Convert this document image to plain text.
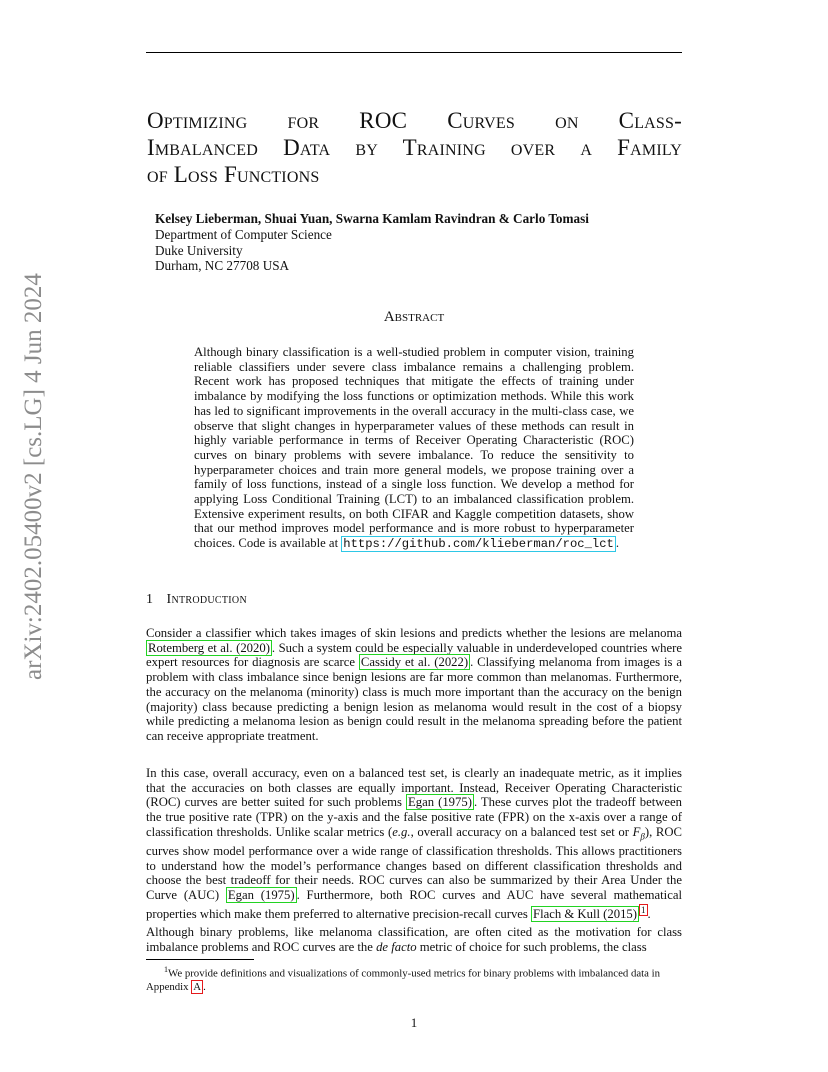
arXiv:2402.05400v2 [cs.LG] 4 Jun 2024
Optimizing for ROC Curves on Class-
Imbalanced Data by Training over a Family
of Loss Functions
Kelsey Lieberman, Shuai Yuan, Swarna Kamlam Ravindran & Carlo Tomasi
Department of Computer Science
Duke University
Durham, NC 27708 USA
Abstract
Although binary classification is a well-studied problem in computer vision, training reliable classifiers under severe class imbalance remains a challenging problem. Recent work has proposed techniques that mitigate the effects of training under imbalance by modifying the loss functions or optimization methods. While this work has led to significant improvements in the overall accuracy in the multi-class case, we observe that slight changes in hyperparameter values of these methods can result in highly variable performance in terms of Receiver Operating Characteristic (ROC) curves on binary problems with severe imbalance. To reduce the sensitivity to hyperparameter choices and train more general models, we propose training over a family of loss functions, instead of a single loss function. We develop a method for applying Loss Conditional Training (LCT) to an imbalanced classification problem. Extensive experiment results, on both CIFAR and Kaggle competition datasets, show that our method improves model performance and is more robust to hyperparameter choices. Code is available at https://github.com/klieberman/roc_lct .
1 Introduction
Consider a classifier which takes images of skin lesions and predicts whether the lesions are melanoma Rotemberg et al. (2020) . Such a system could be especially valuable in underdeveloped countries where expert resources for diagnosis are scarce Cassidy et al. (2022) . Classifying melanoma from images is a problem with class imbalance since benign lesions are far more common than melanomas. Furthermore, the accuracy on the melanoma (minority) class is much more important than the accuracy on the benign (majority) class because predicting a benign lesion as melanoma would result in the cost of a biopsy while predicting a melanoma lesion as benign could result in the melanoma spreading before the patient can receive appropriate treatment.
In this case, overall accuracy, even on a balanced test set, is clearly an inadequate metric, as it implies that the accuracies on both classes are equally important. Instead, Receiver Operating Characteristic (ROC) curves are better suited for such problems Egan (1975) . These curves plot the tradeoff between the true positive rate (TPR) on the y-axis and the false positive rate (FPR) on the x-axis over a range of classification thresholds. Unlike scalar metrics (e.g., overall accuracy on a balanced test set or $F_\beta$), ROC curves show model performance over a wide range of classification thresholds. This allows practitioners to understand how the model’s performance changes based on different classification thresholds and choose the best tradeoff for their needs. ROC curves can also be summarized by their Area Under the Curve (AUC) Egan (1975) . Furthermore, both ROC curves and AUC have several mathematical properties which make them preferred to alternative precision-recall curves Flach & Kull (2015) $^1$ .
Although binary problems, like melanoma classification, are often cited as the motivation for class imbalance problems and ROC curves are the de facto metric of choice for such problems, the class
$^1$We provide definitions and visualizations of commonly-used metrics for binary problems with imbalanced data in Appendix A .
1
